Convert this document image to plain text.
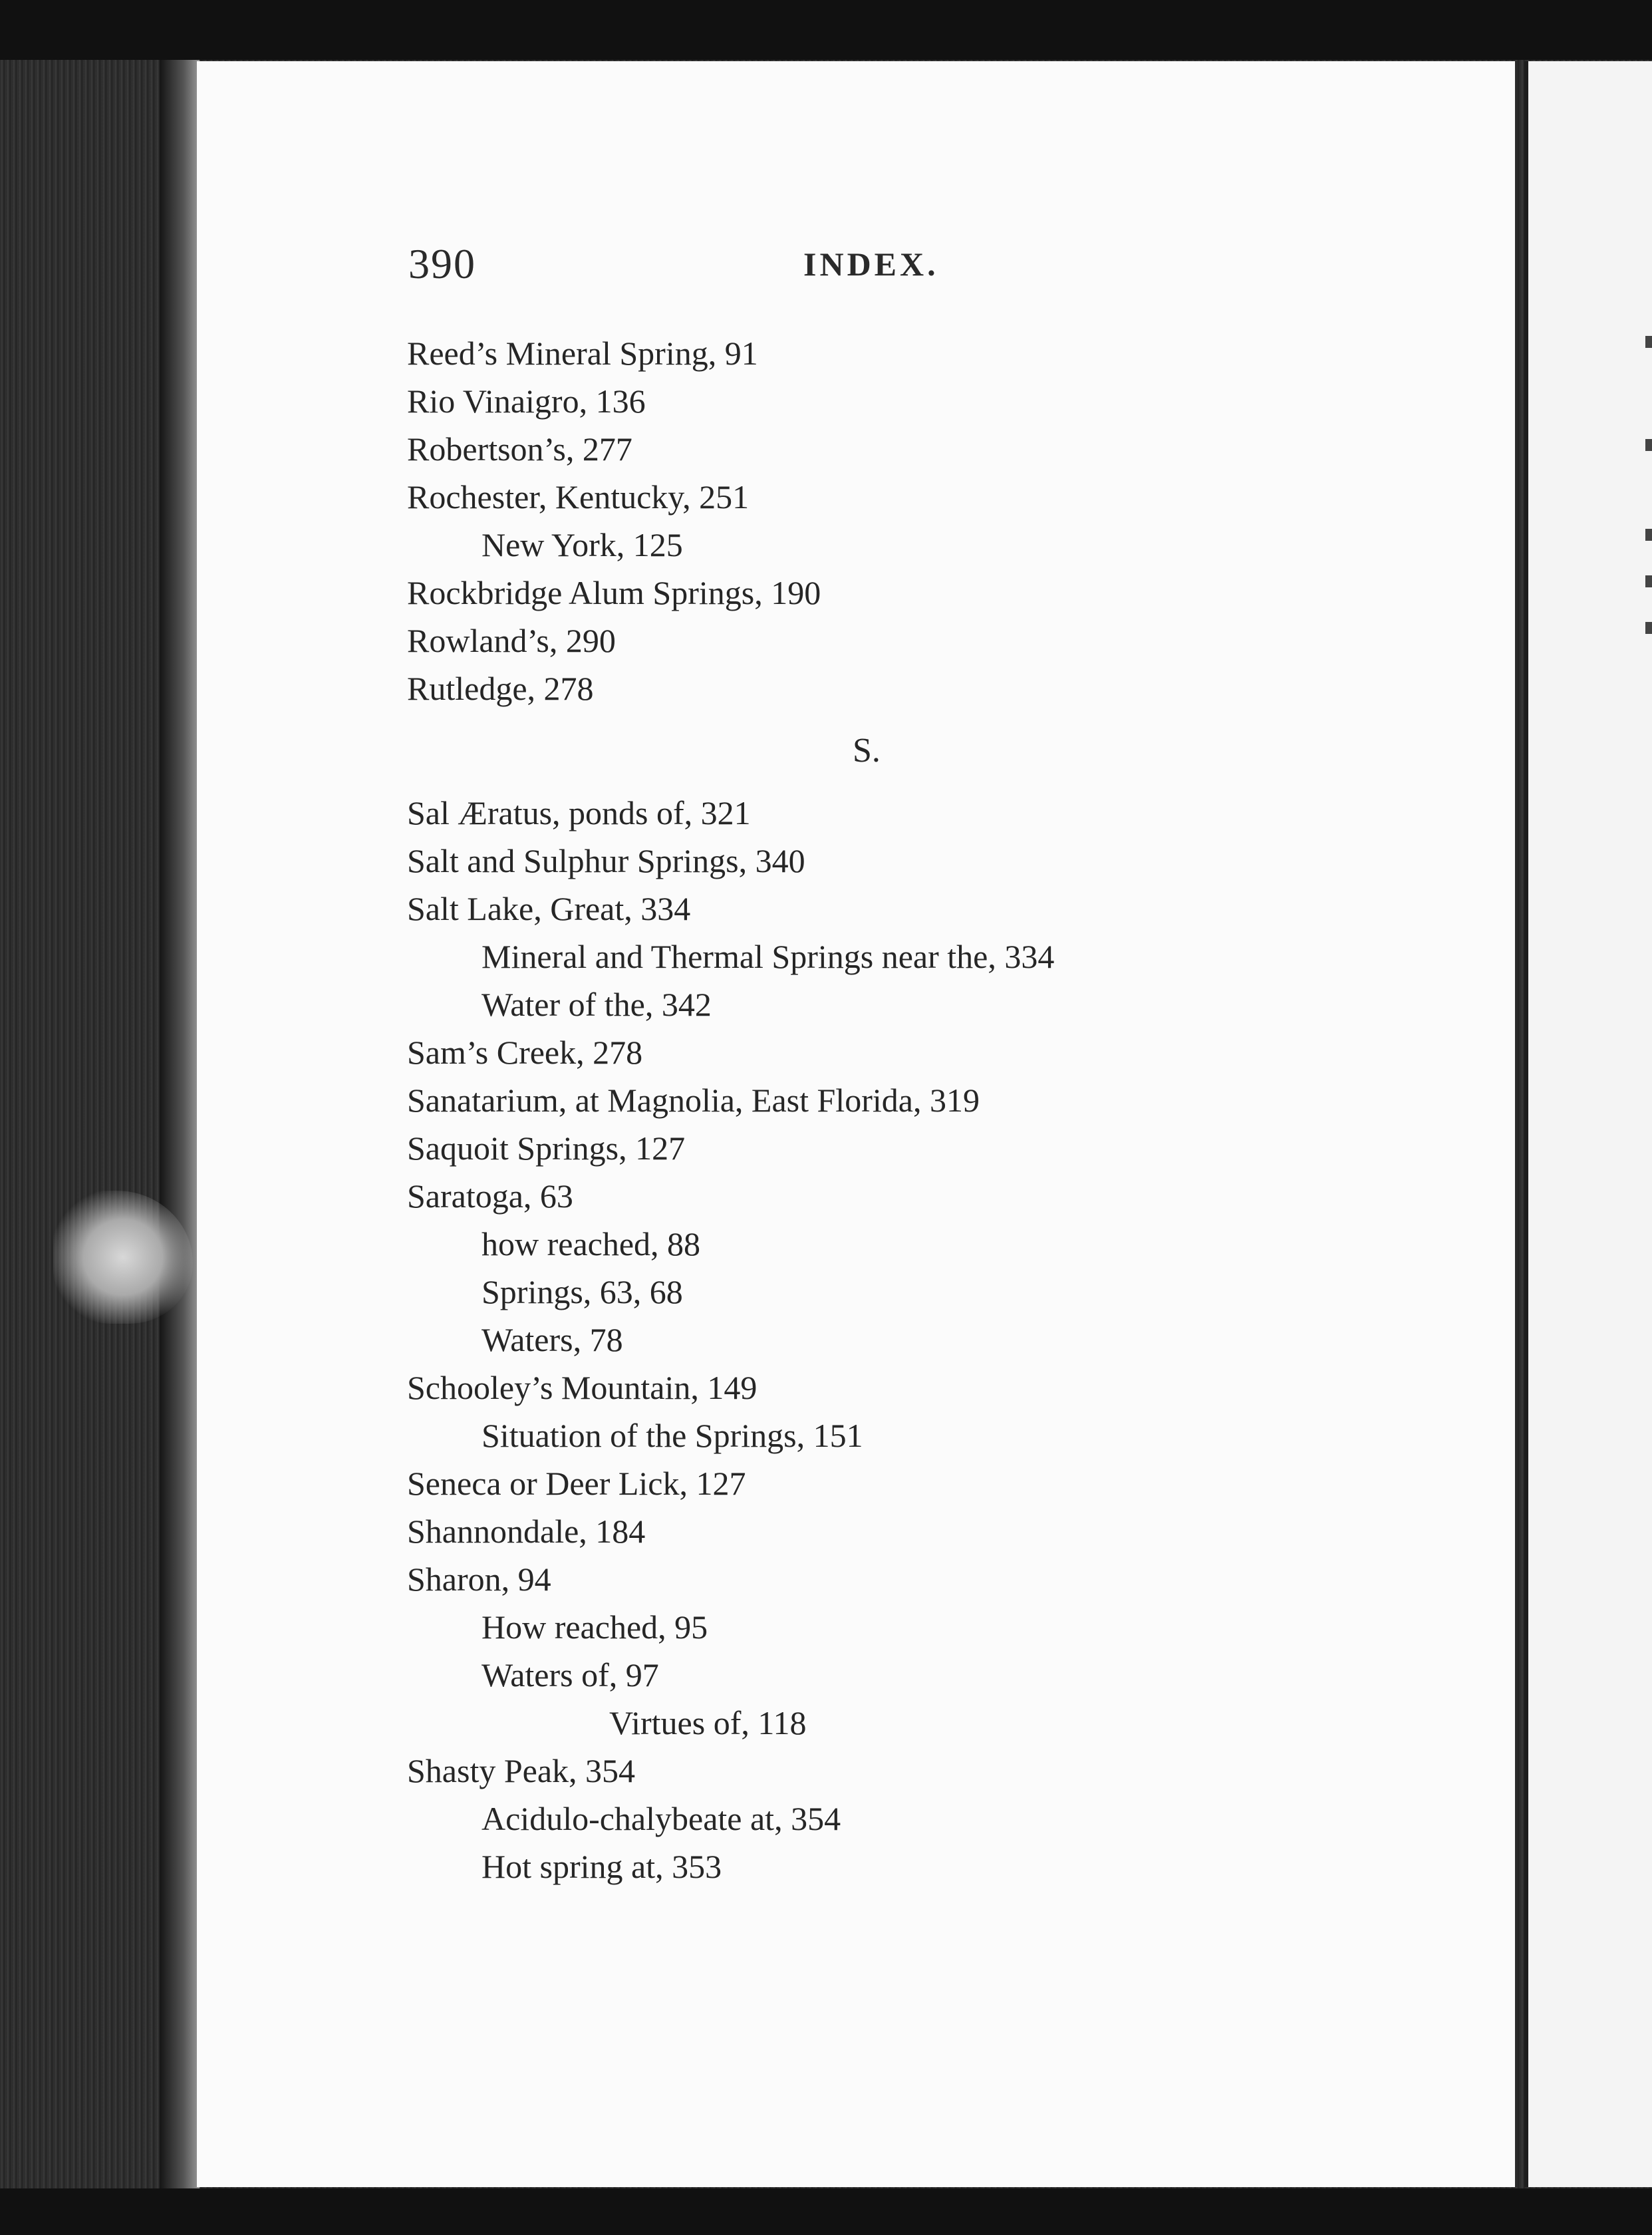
390	INDEX.
Reed’s Mineral Spring, 91
Rio Vinaigro, 136
Robertson’s, 277
Rochester, Kentucky, 251
New York, 125
Rockbridge Alum Springs, 190
Rowland’s, 290
Rutledge, 278
S.
Sal Æratus, ponds of, 321
Salt and Sulphur Springs, 340
Salt Lake, Great, 334
Mineral and Thermal Springs near the, 334
Water of the, 342
Sam’s Creek, 278
Sanatarium, at Magnolia, East Florida, 319
Saquoit Springs, 127
Saratoga, 63
how reached, 88
Springs, 63, 68
Waters, 78
Schooley’s Mountain, 149
Situation of the Springs, 151
Seneca or Deer Lick, 127
Shannondale, 184
Sharon, 94
How reached, 95
Waters of, 97
Virtues of, 118
Shasty Peak, 354
Acidulo-chalybeate at, 354
Hot spring at, 353
